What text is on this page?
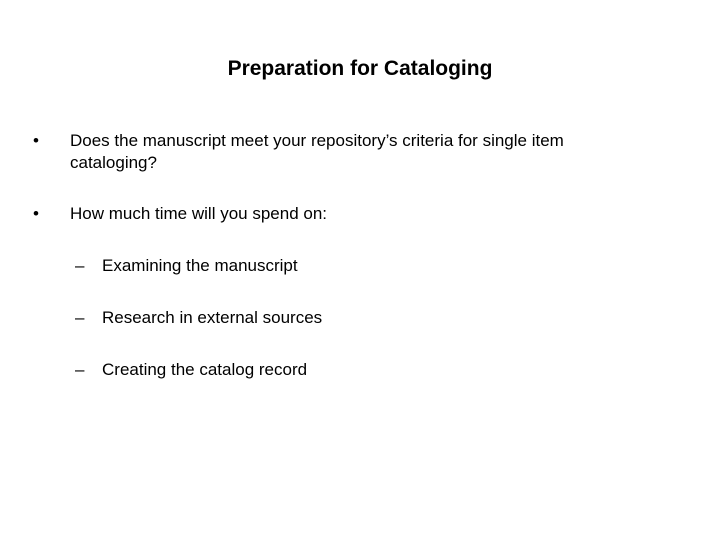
Preparation for Cataloging
• Does the manuscript meet your repository’s criteria for single item cataloging?
• How much time will you spend on:
– Examining the manuscript
– Research in external sources
– Creating the catalog record
